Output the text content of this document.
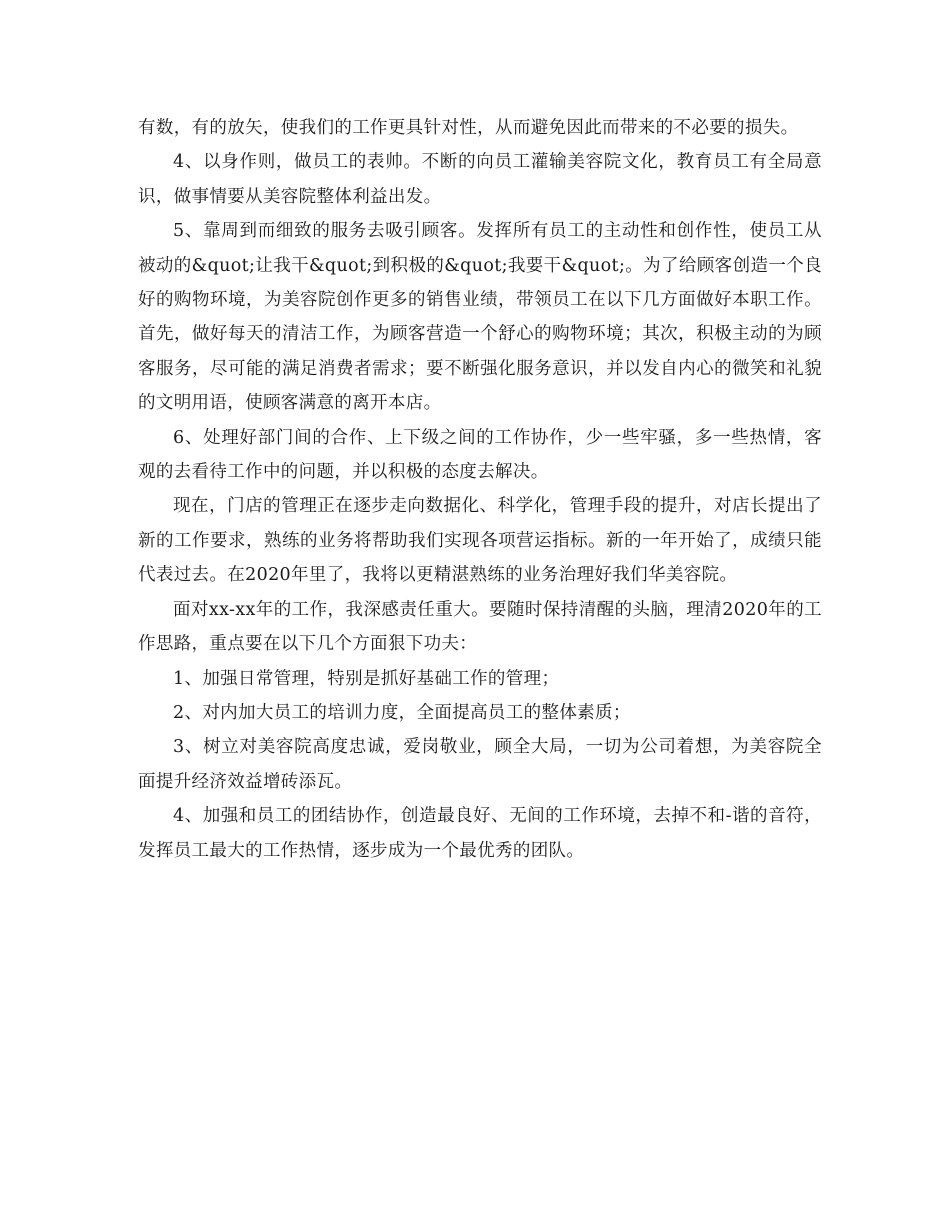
有数，有的放矢，使我们的工作更具针对性，从而避免因此而带来的不必要的损失。

4、以身作则，做员工的表帅。不断的向员工灌输美容院文化，教育员工有全局意识，做事情要从美容院整体利益出发。

5、靠周到而细致的服务去吸引顾客。发挥所有员工的主动性和创作性，使员工从被动的&quot;让我干&quot;到积极的&quot;我要干&quot;。为了给顾客创造一个良好的购物环境，为美容院创作更多的销售业绩，带领员工在以下几方面做好本职工作。首先，做好每天的清洁工作，为顾客营造一个舒心的购物环境；其次，积极主动的为顾客服务，尽可能的满足消费者需求；要不断强化服务意识，并以发自内心的微笑和礼貌的文明用语，使顾客满意的离开本店。

6、处理好部门间的合作、上下级之间的工作协作，少一些牢骚，多一些热情，客观的去看待工作中的问题，并以积极的态度去解决。

现在，门店的管理正在逐步走向数据化、科学化，管理手段的提升，对店长提出了新的工作要求，熟练的业务将帮助我们实现各项营运指标。新的一年开始了，成绩只能代表过去。在2020年里了，我将以更精湛熟练的业务治理好我们华美容院。

面对xx-xx年的工作，我深感责任重大。要随时保持清醒的头脑，理清2020年的工作思路，重点要在以下几个方面狠下功夫：

1、加强日常管理，特别是抓好基础工作的管理；

2、对内加大员工的培训力度，全面提高员工的整体素质；

3、树立对美容院高度忠诚，爱岗敬业，顾全大局，一切为公司着想，为美容院全面提升经济效益增砖添瓦。

4、加强和员工的团结协作，创造最良好、无间的工作环境，去掉不和-谐的音符，发挥员工最大的工作热情，逐步成为一个最优秀的团队。
